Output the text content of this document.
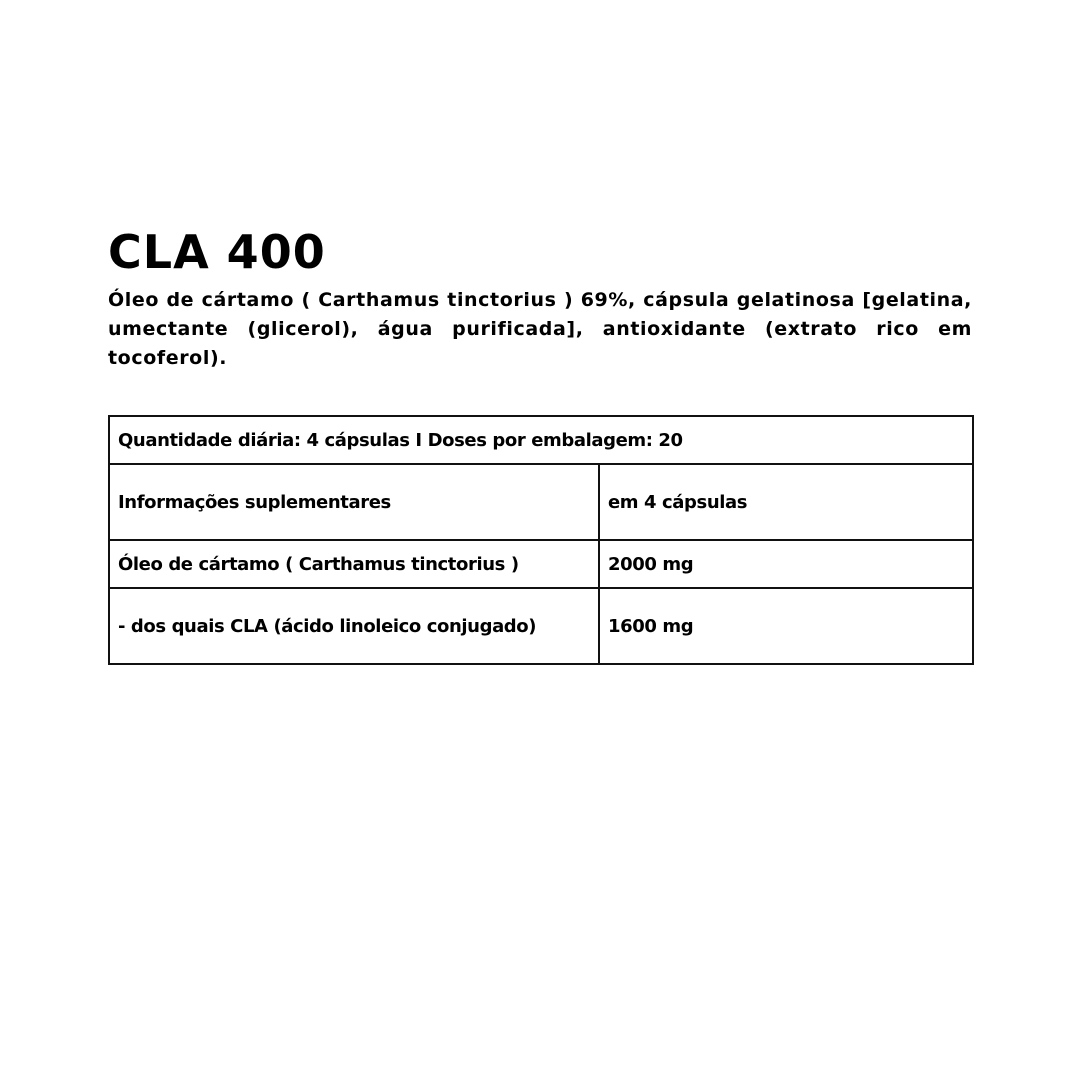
CLA 400

Óleo de cártamo ( Carthamus tinctorius ) 69%, cápsula gelatinosa [gelatina, umectante (glicerol), água purificada], antioxidante (extrato rico em tocoferol).

Quantidade diária: 4 cápsulas I Doses por embalagem: 20	
Informações suplementares	em 4 cápsulas
Óleo de cártamo ( Carthamus tinctorius )	2000 mg
- dos quais CLA (ácido linoleico conjugado)	1600 mg
